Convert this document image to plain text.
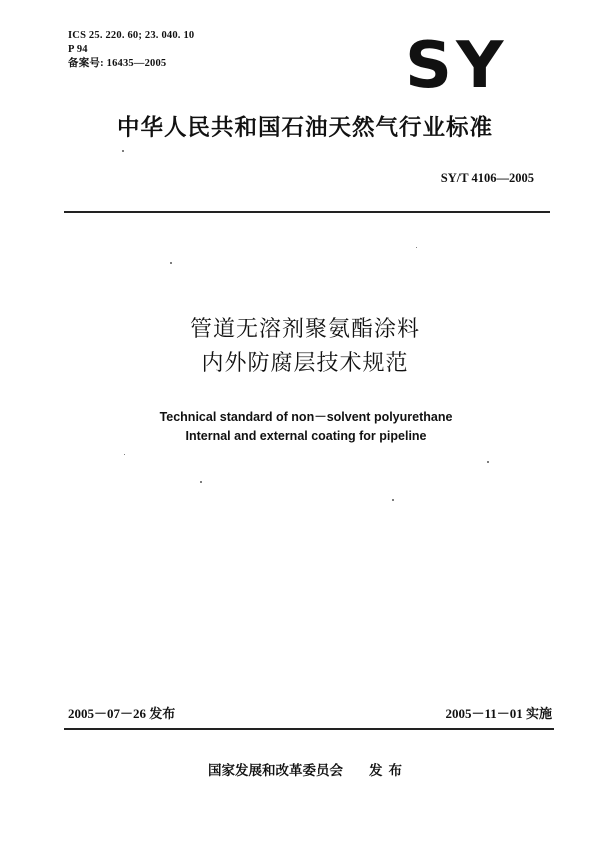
ICS 25. 220. 60; 23. 040. 10
P 94
备案号: 16435—2005	SY
中华人民共和国石油天然气行业标准
SY/T 4106—2005
管道无溶剂聚氨酯涂料
内外防腐层技术规范
Technical standard of non－solvent polyurethane
Internal and external coating for pipeline
2005－07－26 发布	2005－11－01 实施
国家发展和改革委员会 发布
